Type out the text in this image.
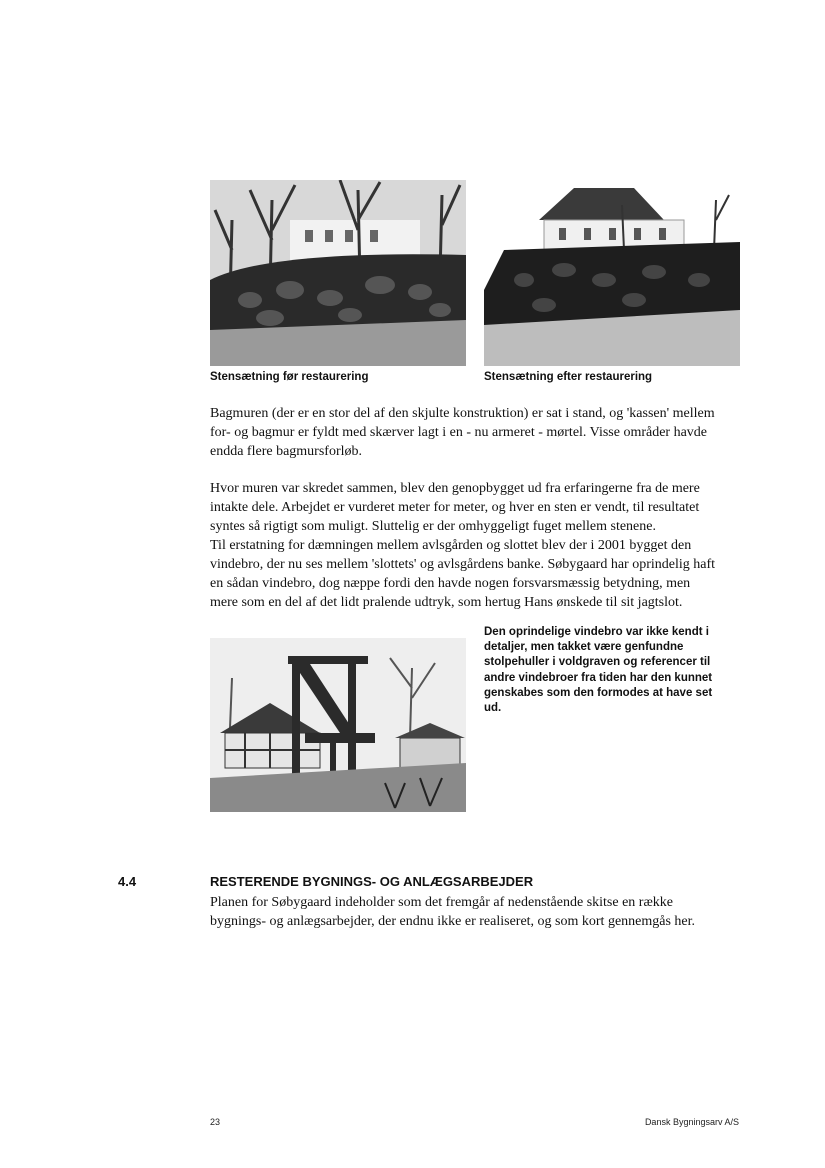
Stensætning før restaurering	Stensætning efter restaurering

Bagmuren (der er en stor del af den skjulte konstruktion) er sat i stand, og 'kassen' mellem

for- og bagmur er fyldt med skærver lagt i en - nu armeret - mørtel. Visse områder havde

endda flere bagmursforløb.

Hvor muren var skredet sammen, blev den genopbygget ud fra erfaringerne fra de mere

intakte dele. Arbejdet er vurderet meter for meter, og hver en sten er vendt, til resultatet

syntes så rigtigt som muligt. Sluttelig er der omhyggeligt fuget mellem stenene.

Til erstatning for dæmningen mellem avlsgården og slottet blev der i 2001 bygget den

vindebro, der nu ses mellem 'slottets' og avlsgårdens banke. Søbygaard har oprindelig haft

en sådan vindebro, dog næppe fordi den havde nogen forsvarsmæssig betydning, men

mere som en del af det lidt pralende udtryk, som hertug Hans ønskede til sit jagtslot.

Den oprindelige vindebro var ikke kendt i

detaljer, men takket være genfundne

stolpehuller i voldgraven og referencer til

andre vindebroer fra tiden har den kunnet

genskabes som den formodes at have set

ud.

4.4	RESTERENDE BYGNINGS- OG ANLÆGSARBEJDER

Planen for Søbygaard indeholder som det fremgår af nedenstående skitse en række

bygnings- og anlægsarbejder, der endnu ikke er realiseret, og som kort gennemgås her.

23	Dansk Bygningsarv A/S
